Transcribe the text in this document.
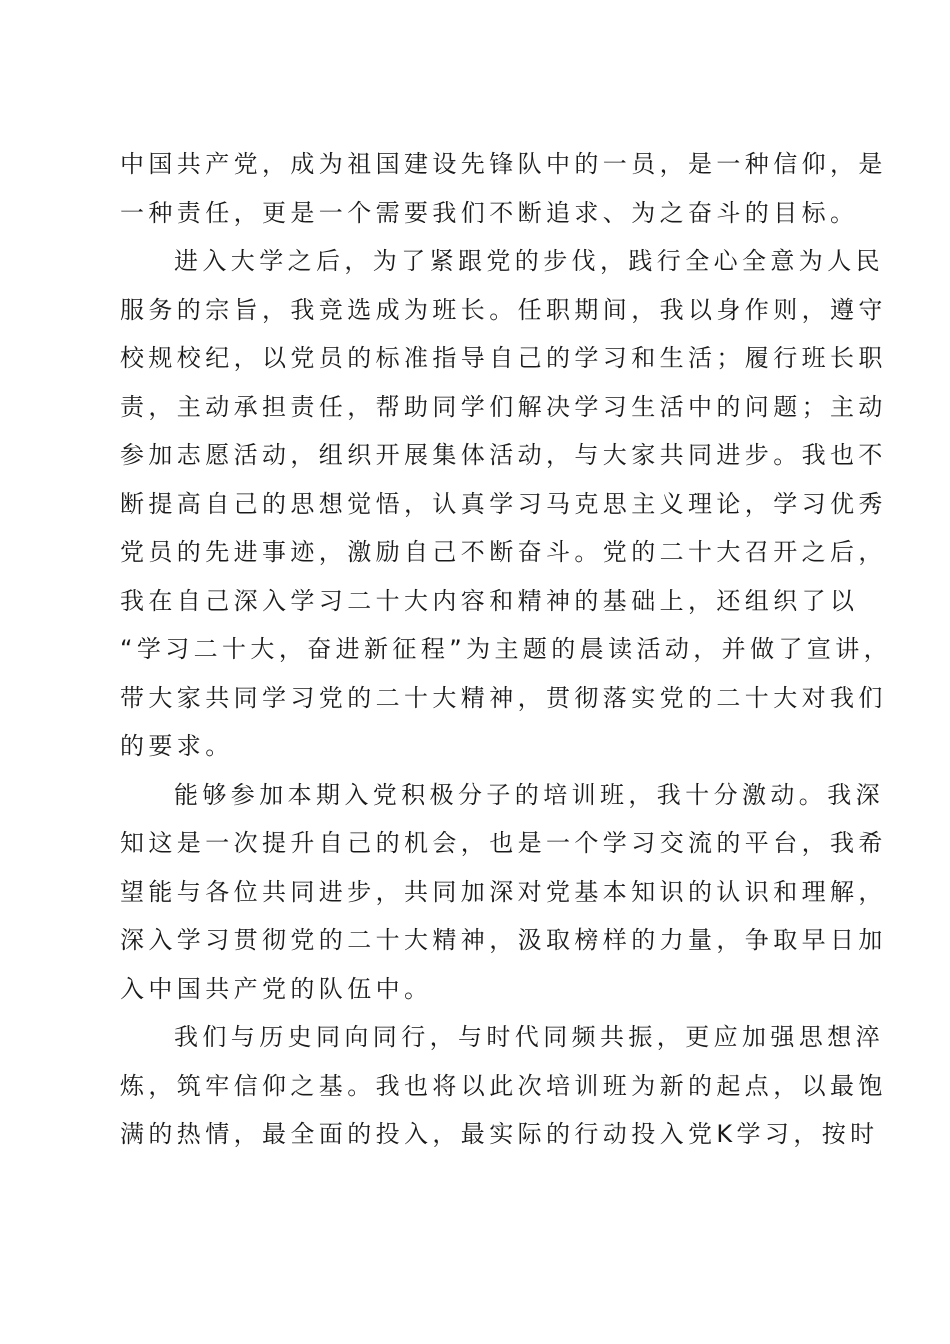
中国共产党，成为祖国建设先锋队中的一员，是一种信仰，是
一种责任，更是一个需要我们不断追求、为之奋斗的目标。
进入大学之后，为了紧跟党的步伐，践行全心全意为人民
服务的宗旨，我竞选成为班长。任职期间，我以身作则，遵守
校规校纪，以党员的标准指导自己的学习和生活；履行班长职
责，主动承担责任，帮助同学们解决学习生活中的问题；主动
参加志愿活动，组织开展集体活动，与大家共同进步。我也不
断提高自己的思想觉悟，认真学习马克思主义理论，学习优秀
党员的先进事迹，激励自己不断奋斗。党的二十大召开之后，
我在自己深入学习二十大内容和精神的基础上，还组织了以
“学习二十大，奋进新征程”为主题的晨读活动，并做了宣讲，
带大家共同学习党的二十大精神，贯彻落实党的二十大对我们
的要求。
能够参加本期入党积极分子的培训班，我十分激动。我深
知这是一次提升自己的机会，也是一个学习交流的平台，我希
望能与各位共同进步，共同加深对党基本知识的认识和理解，
深入学习贯彻党的二十大精神，汲取榜样的力量，争取早日加
入中国共产党的队伍中。
我们与历史同向同行，与时代同频共振，更应加强思想淬
炼，筑牢信仰之基。我也将以此次培训班为新的起点，以最饱
满的热情，最全面的投入，最实际的行动投入党K学习，按时
